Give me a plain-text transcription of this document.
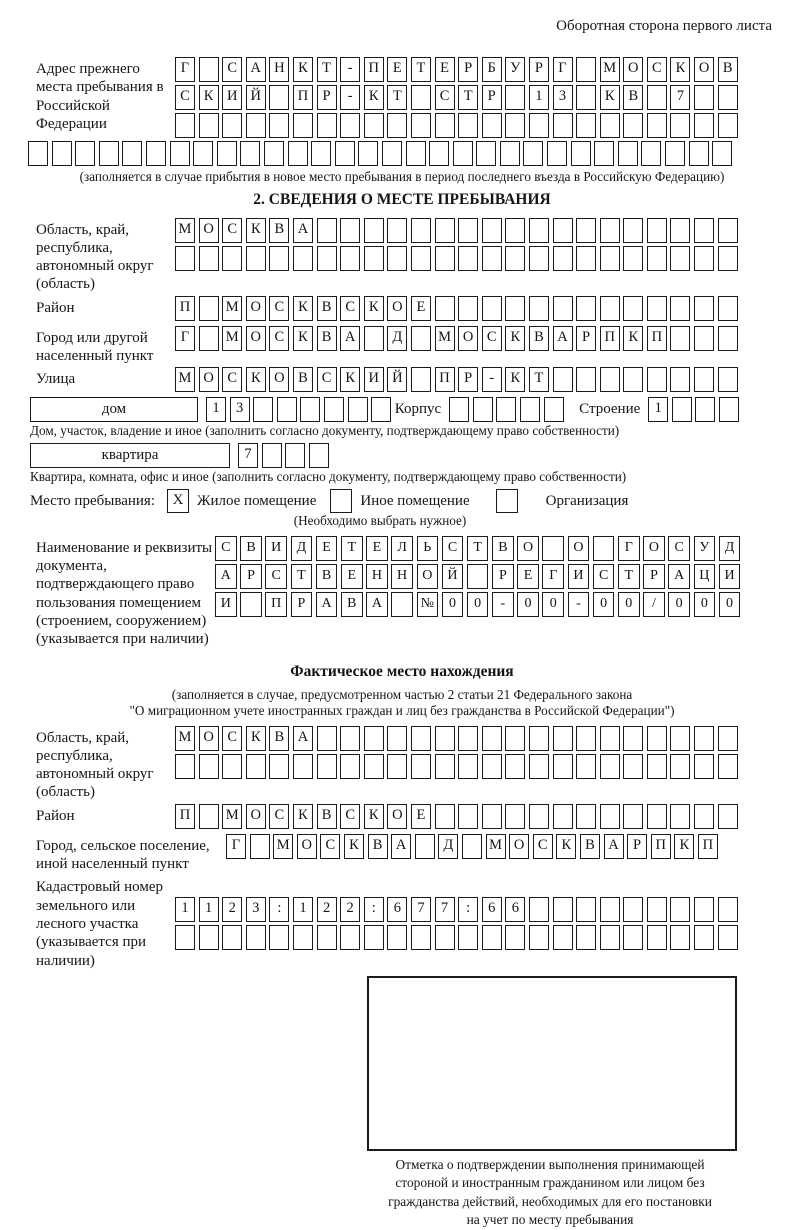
Оборотная сторона первого листа
Адрес прежнего места пребывания в Российской Федерации
Г	С А Н К Т - П Е Т Е Р Б У Р Г	М О С К О В
С К И Й	П Р - К Т	С Т Р	1 3	К В	7
(заполняется в случае прибытия в новое место пребывания в период последнего въезда в Российскую Федерацию)
2. СВЕДЕНИЯ О МЕСТЕ ПРЕБЫВАНИЯ
Область, край, республика, автономный округ (область)
М О С К В А
Район	П М О С К В С К О Е
Город или другой населенный пункт
Г	М О С К В А	Д М О С К В А Р П К П
Улица	М О С К О В С К И Й	П Р - К Т
дом	1 3	Корпус	Строение 1
Дом, участок, владение и иное (заполнить согласно документу, подтверждающему право собственности)
квартира	7
Квартира, комната, офис и иное (заполнить согласно документу, подтверждающему право собственности)
Место пребывания:	X Жилое помещение	Иное помещение	Организация
(Необходимо выбрать нужное)
Наименование и реквизиты документа, подтверждающего право пользования помещением (строением, сооружением) (указывается при наличии)
С В И Д Е Т Е Л Ь С Т В О	О	Г О С У Д
А Р С Т В Е Н Н О Й	Р Е Г И С Т Р А Ц И
И	П Р А В А	№ 0 0 - 0 0 - 0 0 / 0 0 0
Фактическое место нахождения
(заполняется в случае, предусмотренном частью 2 статьи 21 Федерального закона
"О миграционном учете иностранных граждан и лиц без гражданства в Российской Федерации")
Область, край, республика, автономный округ (область)
М О С К В А
Район	П М О С К В С К О Е
Город, сельское поселение, иной населенный пункт
Г	М О С К В А	Д М О С К В А Р П К П
Кадастровый номер земельного или лесного участка (указывается при наличии)
1 1 2 3 : 1 2 2 : 6 7 7 : 6 6
Отметка о подтверждении выполнения принимающей
стороной и иностранным гражданином или лицом без
гражданства действий, необходимых для его постановки
на учет по месту пребывания
